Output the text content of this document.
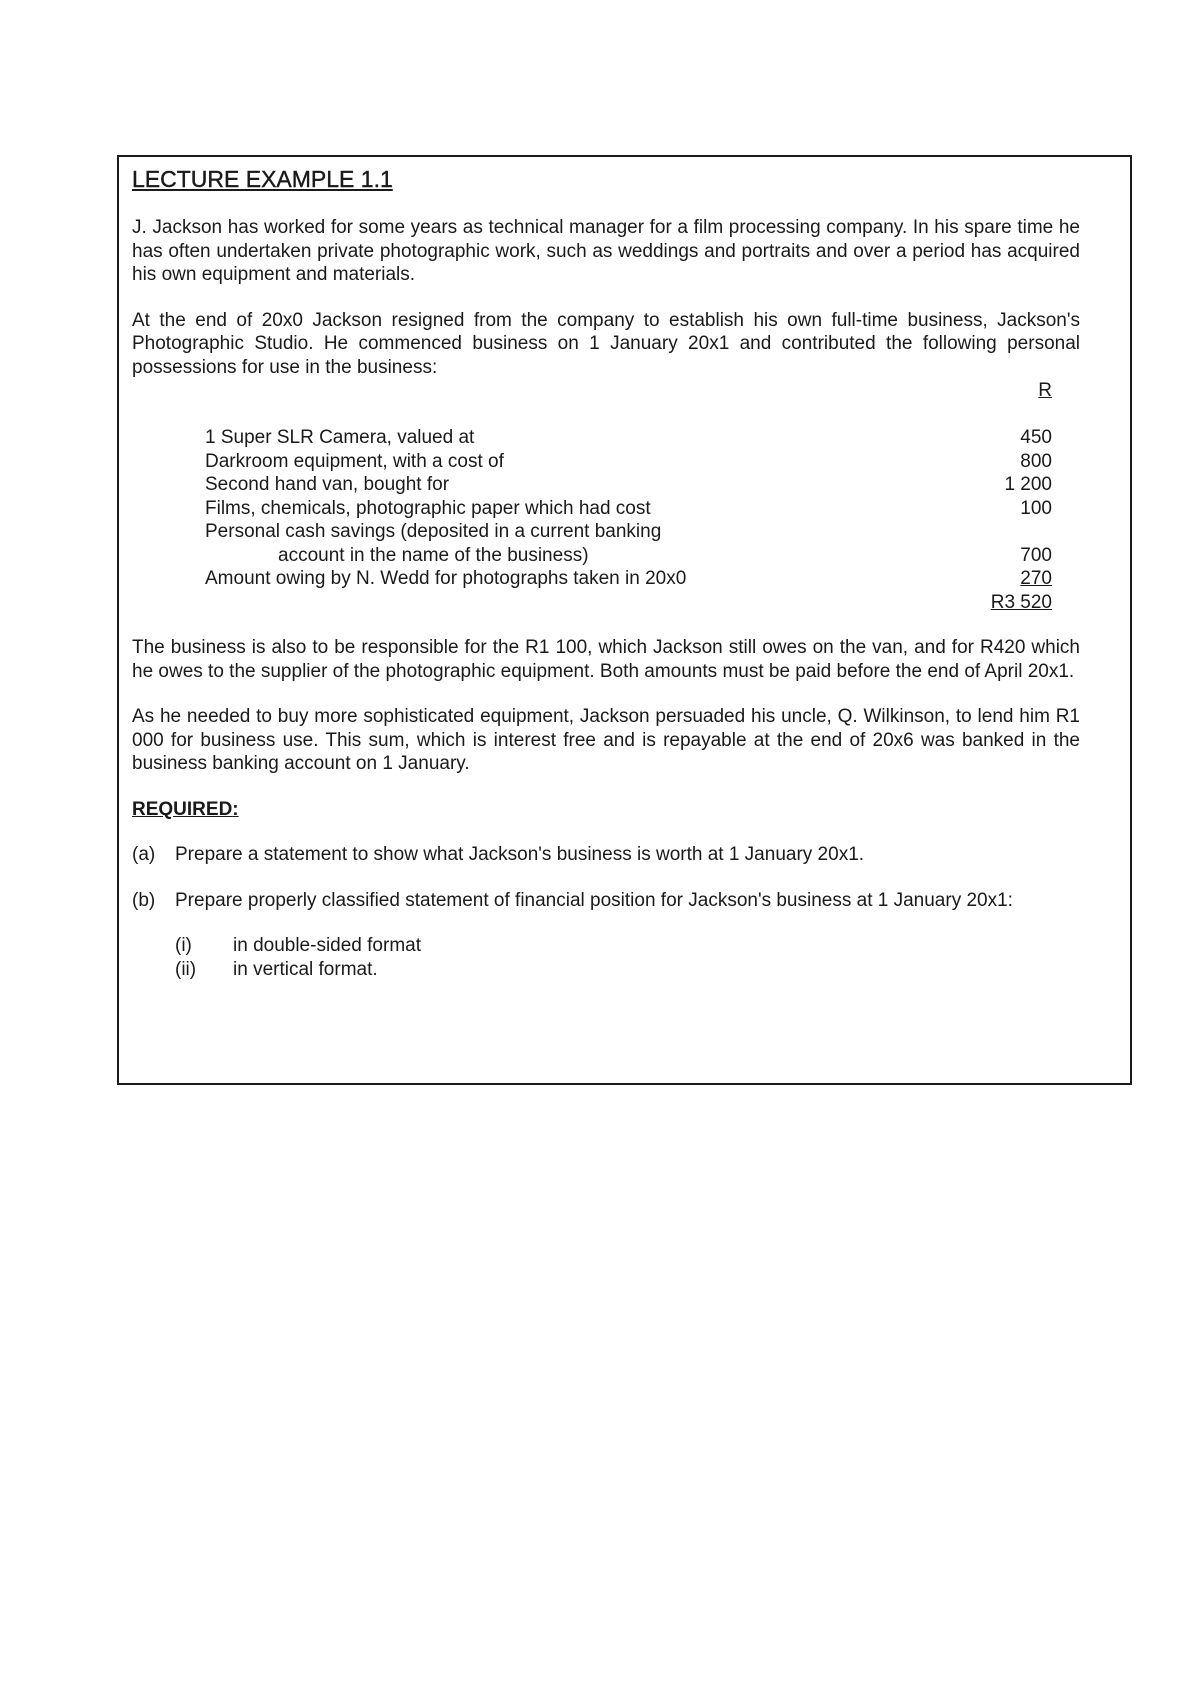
LECTURE EXAMPLE 1.1

J. Jackson has worked for some years as technical manager for a film processing company. In his spare time he has often undertaken private photographic work, such as weddings and portraits and over a period has acquired his own equipment and materials.

At the end of 20x0 Jackson resigned from the company to establish his own full-time business, Jackson's Photographic Studio. He commenced business on 1 January 20x1 and contributed the following personal possessions for use in the business:

R
1 Super SLR Camera, valued at	450
Darkroom equipment, with a cost of	800
Second hand van, bought for	1 200
Films, chemicals, photographic paper which had cost	100
Personal cash savings (deposited in a current banking
account in the name of the business)	700
Amount owing by N. Wedd for photographs taken in 20x0	270
R3 520

The business is also to be responsible for the R1 100, which Jackson still owes on the van, and for R420 which he owes to the supplier of the photographic equipment. Both amounts must be paid before the end of April 20x1.

As he needed to buy more sophisticated equipment, Jackson persuaded his uncle, Q. Wilkinson, to lend him R1 000 for business use. This sum, which is interest free and is repayable at the end of 20x6 was banked in the business banking account on 1 January.

REQUIRED:
(a) Prepare a statement to show what Jackson's business is worth at 1 January 20x1.
(b) Prepare properly classified statement of financial position for Jackson's business at 1 January 20x1:
(i) in double-sided format
(ii) in vertical format.
